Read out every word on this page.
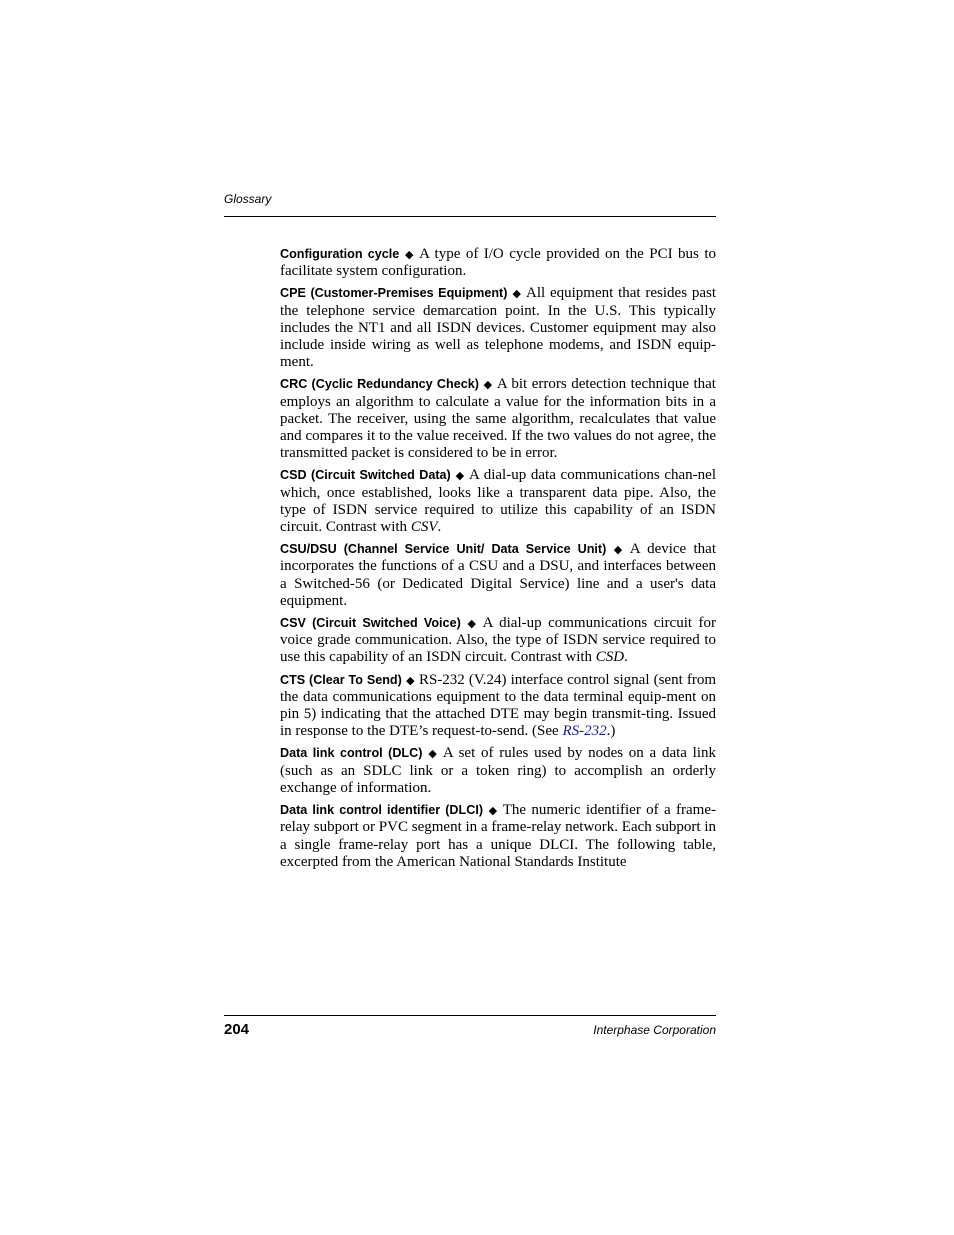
Glossary

Configuration cycle ◆ A type of I/O cycle provided on the PCI bus to facilitate system configuration.

CPE (Customer-Premises Equipment) ◆ All equipment that resides past the telephone service demarcation point. In the U.S. This typically includes the NT1 and all ISDN devices. Customer equipment may also include inside wiring as well as telephone modems, and ISDN equip-ment.

CRC (Cyclic Redundancy Check) ◆ A bit errors detection technique that employs an algorithm to calculate a value for the information bits in a packet. The receiver, using the same algorithm, recalculates that value and compares it to the value received. If the two values do not agree, the transmitted packet is considered to be in error.

CSD (Circuit Switched Data) ◆ A dial-up data communications chan-nel which, once established, looks like a transparent data pipe. Also, the type of ISDN service required to utilize this capability of an ISDN circuit. Contrast with CSV.

CSU/DSU (Channel Service Unit/ Data Service Unit) ◆ A device that incorporates the functions of a CSU and a DSU, and interfaces between a Switched-56 (or Dedicated Digital Service) line and a user's data equipment.

CSV (Circuit Switched Voice) ◆ A dial-up communications circuit for voice grade communication. Also, the type of ISDN service required to use this capability of an ISDN circuit. Contrast with CSD.

CTS (Clear To Send) ◆ RS-232 (V.24) interface control signal (sent from the data communications equipment to the data terminal equip-ment on pin 5) indicating that the attached DTE may begin transmit-ting. Issued in response to the DTE’s request-to-send. (See RS-232.)

Data link control (DLC) ◆ A set of rules used by nodes on a data link (such as an SDLC link or a token ring) to accomplish an orderly exchange of information.

Data link control identifier (DLCI) ◆ The numeric identifier of a frame-relay subport or PVC segment in a frame-relay network. Each subport in a single frame-relay port has a unique DLCI. The following table, excerpted from the American National Standards Institute

204	Interphase Corporation
